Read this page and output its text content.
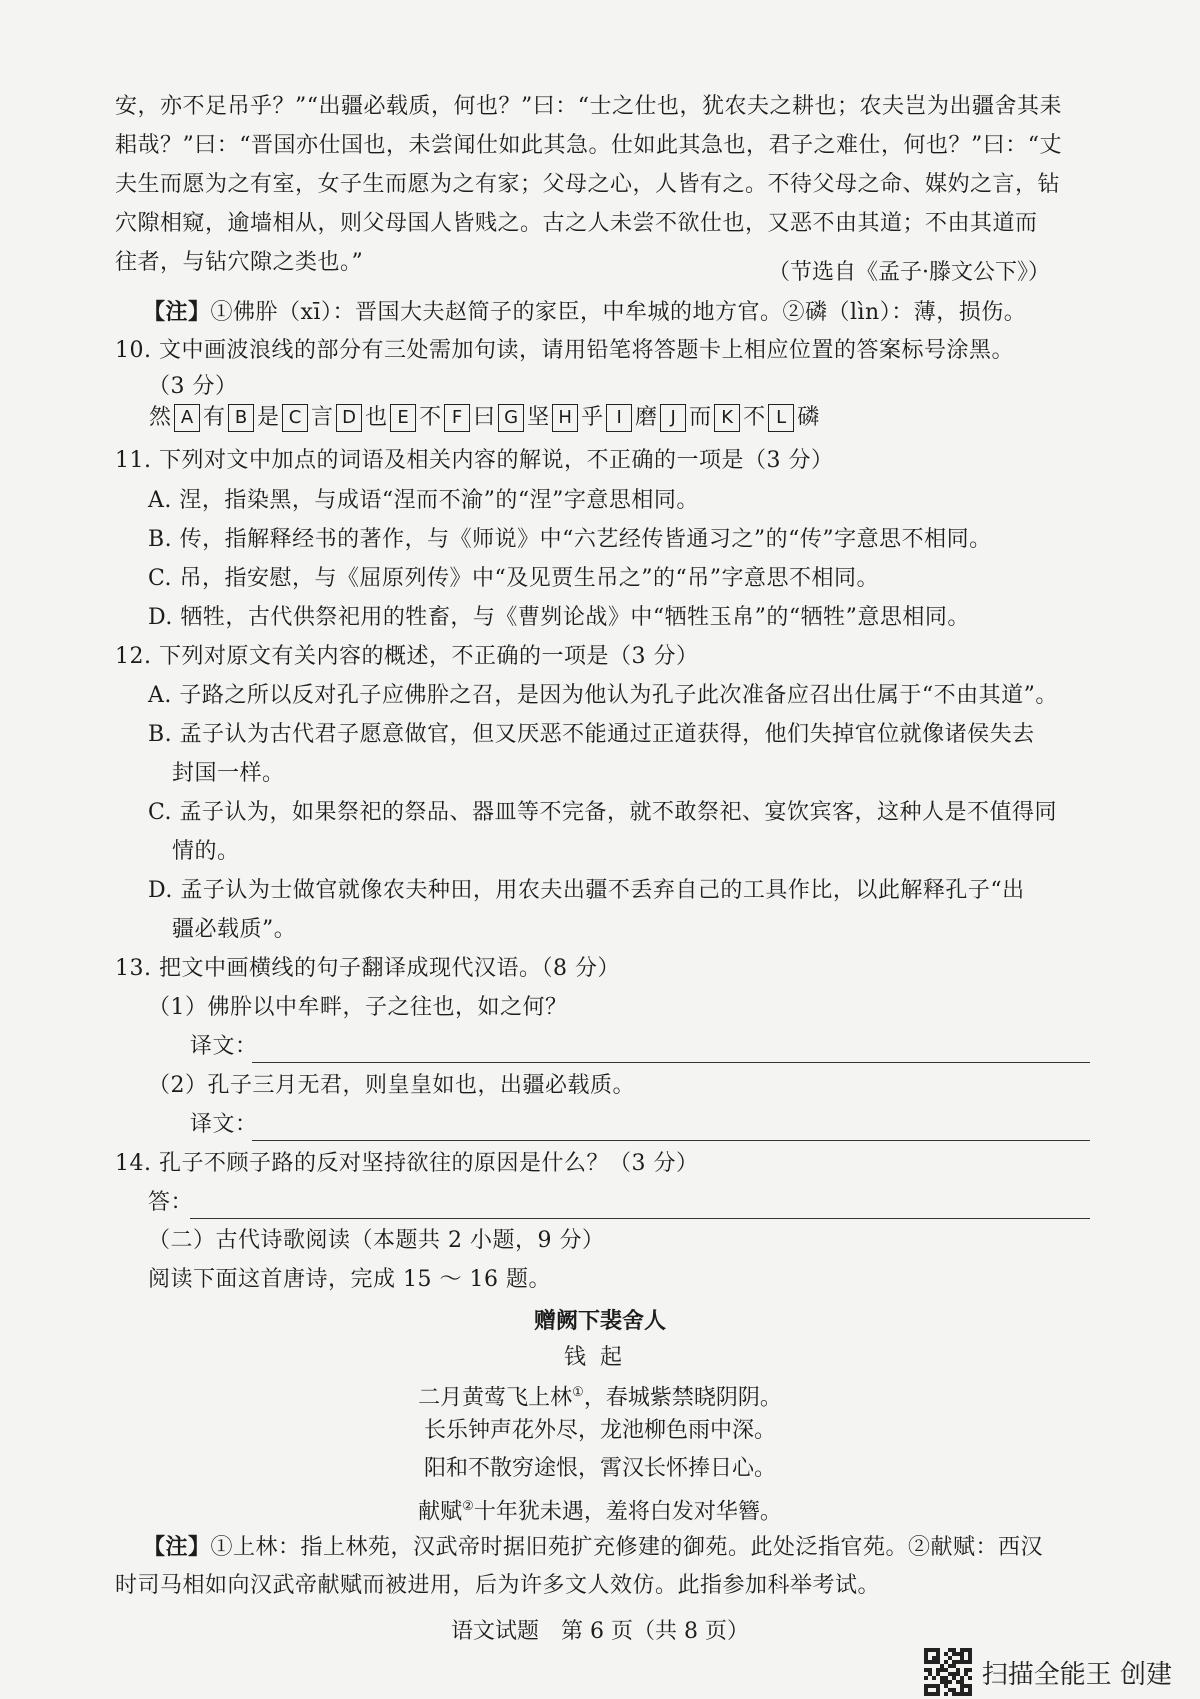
安，亦不足吊乎？”“出疆必载质，何也？”曰：“士之仕也，犹农夫之耕也；农夫岂为出疆舍其耒
耜哉？”曰：“晋国亦仕国也，未尝闻仕如此其急。仕如此其急也，君子之难仕，何也？”曰：“丈
夫生而愿为之有室，女子生而愿为之有家；父母之心，人皆有之。不待父母之命、媒妁之言，钻
穴隙相窥，逾墙相从，则父母国人皆贱之。古之人未尝不欲仕也，又恶不由其道；不由其道而
往者，与钻穴隙之类也。”	（节选自《孟子·滕文公下》）
【注】①佛肸（xī）：晋国大夫赵简子的家臣，中牟城的地方官。②磷（lìn）：薄，损伤。
10. 文中画波浪线的部分有三处需加句读，请用铅笔将答题卡上相应位置的答案标号涂黑。
（3 分）
然 A 有 B 是 C 言 D 也 E 不 F 曰 G 坚 H 乎 I 磨 J 而 K 不 L 磷
11. 下列对文中加点的词语及相关内容的解说，不正确的一项是（3 分）
A. 涅，指染黑，与成语“涅而不渝”的“涅”字意思相同。
B. 传，指解释经书的著作，与《师说》中“六艺经传皆通习之”的“传”字意思不相同。
C. 吊，指安慰，与《屈原列传》中“及见贾生吊之”的“吊”字意思不相同。
D. 牺牲，古代供祭祀用的牲畜，与《曹刿论战》中“牺牲玉帛”的“牺牲”意思相同。
12. 下列对原文有关内容的概述，不正确的一项是（3 分）
A. 子路之所以反对孔子应佛肸之召，是因为他认为孔子此次准备应召出仕属于“不由其道”。
B. 孟子认为古代君子愿意做官，但又厌恶不能通过正道获得，他们失掉官位就像诸侯失去
封国一样。
C. 孟子认为，如果祭祀的祭品、器皿等不完备，就不敢祭祀、宴饮宾客，这种人是不值得同
情的。
D. 孟子认为士做官就像农夫种田，用农夫出疆不丢弃自己的工具作比，以此解释孔子“出
疆必载质”。
13. 把文中画横线的句子翻译成现代汉语。（8 分）
（1）佛肸以中牟畔，子之往也，如之何？
译文：
（2）孔子三月无君，则皇皇如也，出疆必载质。
译文：
14. 孔子不顾子路的反对坚持欲往的原因是什么？（3 分）
答：
（二）古代诗歌阅读（本题共 2 小题，9 分）
阅读下面这首唐诗，完成 15 ～ 16 题。
赠阙下裴舍人
钱起
二月黄莺飞上林①，春城紫禁晓阴阴。
长乐钟声花外尽，龙池柳色雨中深。
阳和不散穷途恨，霄汉长怀捧日心。
献赋②十年犹未遇，羞将白发对华簪。
【注】①上林：指上林苑，汉武帝时据旧苑扩充修建的御苑。此处泛指官苑。②献赋：西汉
时司马相如向汉武帝献赋而被进用，后为许多文人效仿。此指参加科举考试。
语文试题　第 6 页（共 8 页）
扫描全能王 创建
